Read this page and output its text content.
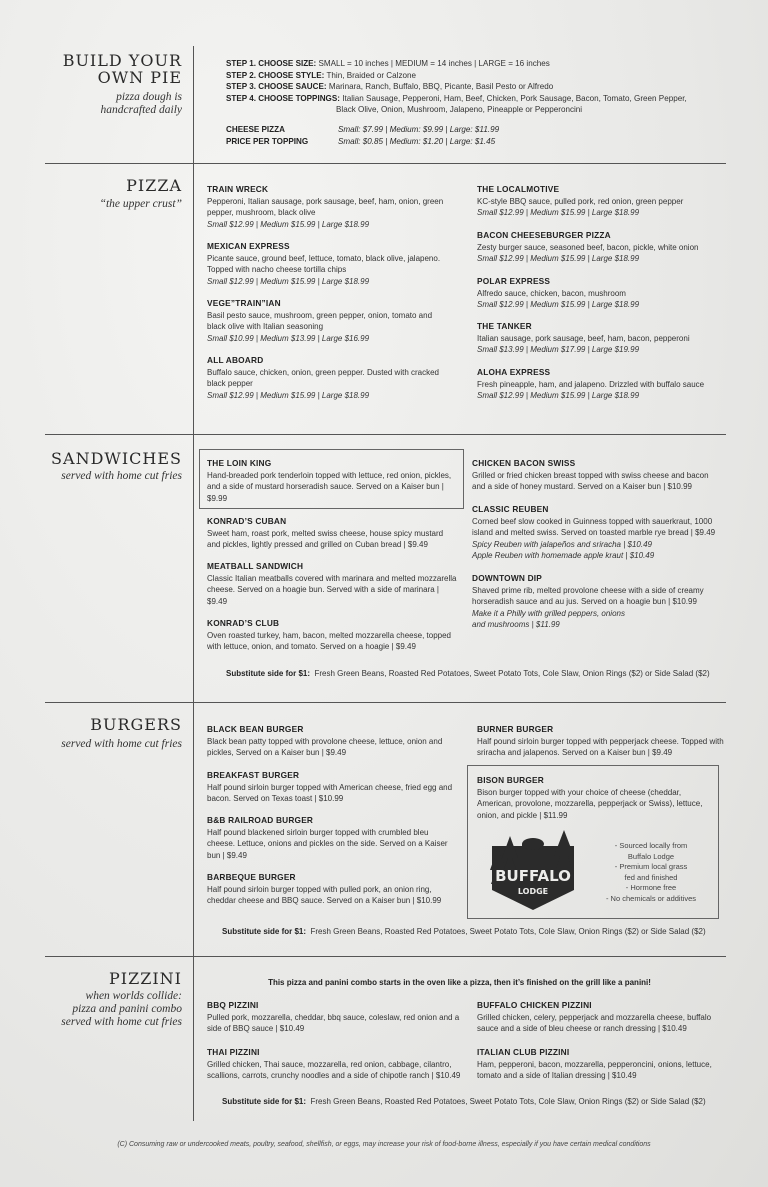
BUILD YOUR
OWN PIE
pizza dough is
handcrafted daily
STEP 1. CHOOSE SIZE: SMALL = 10 inches | MEDIUM = 14 inches | LARGE = 16 inches
STEP 2. CHOOSE STYLE: Thin, Braided or Calzone
STEP 3. CHOOSE SAUCE: Marinara, Ranch, Buffalo, BBQ, Picante, Basil Pesto or Alfredo
STEP 4. CHOOSE TOPPINGS: Italian Sausage, Pepperoni, Ham, Beef, Chicken, Pork Sausage, Bacon, Tomato, Green Pepper,
Black Olive, Onion, Mushroom, Jalapeno, Pineapple or Pepperoncini
CHEESE PIZZA	Small: $7.99 | Medium: $9.99 | Large: $11.99
PRICE PER TOPPING	Small: $0.85 | Medium: $1.20 | Large: $1.45
PIZZA
“the upper crust”
TRAIN WRECK
Pepperoni, Italian sausage, pork sausage, beef, ham, onion, green pepper, mushroom, black olive
Small $12.99 | Medium $15.99 | Large $18.99
MEXICAN EXPRESS
Picante sauce, ground beef, lettuce, tomato, black olive, jalapeno. Topped with nacho cheese tortilla chips
Small $12.99 | Medium $15.99 | Large $18.99
VEGE”TRAIN”IAN
Basil pesto sauce, mushroom, green pepper, onion, tomato and black olive with Italian seasoning
Small $10.99 | Medium $13.99 | Large $16.99
ALL ABOARD
Buffalo sauce, chicken, onion, green pepper. Dusted with cracked black pepper
Small $12.99 | Medium $15.99 | Large $18.99
THE LOCALMOTIVE
KC-style BBQ sauce, pulled pork, red onion, green pepper
Small $12.99 | Medium $15.99 | Large $18.99
BACON CHEESEBURGER PIZZA
Zesty burger sauce, seasoned beef, bacon, pickle, white onion
Small $12.99 | Medium $15.99 | Large $18.99
POLAR EXPRESS
Alfredo sauce, chicken, bacon, mushroom
Small $12.99 | Medium $15.99 | Large $18.99
THE TANKER
Italian sausage, pork sausage, beef, ham, bacon, pepperoni
Small $13.99 | Medium $17.99 | Large $19.99
ALOHA EXPRESS
Fresh pineapple, ham, and jalapeno. Drizzled with buffalo sauce
Small $12.99 | Medium $15.99 | Large $18.99
SANDWICHES
served with home cut fries
THE LOIN KING
Hand-breaded pork tenderloin topped with lettuce, red onion, pickles, and a side of mustard horseradish sauce. Served on a Kaiser bun | $9.99
KONRAD’S CUBAN
Sweet ham, roast pork, melted swiss cheese, house spicy mustard and pickles, lightly pressed and grilled on Cuban bread | $9.49
MEATBALL SANDWICH
Classic Italian meatballs covered with marinara and melted mozzarella cheese. Served on a hoagie bun. Served with a side of marinara | $9.49
KONRAD’S CLUB
Oven roasted turkey, ham, bacon, melted mozzarella cheese, topped with lettuce, onion, and tomato. Served on a hoagie | $9.49
CHICKEN BACON SWISS
Grilled or fried chicken breast topped with swiss cheese and bacon and a side of honey mustard. Served on a Kaiser bun | $10.99
CLASSIC REUBEN
Corned beef slow cooked in Guinness topped with sauerkraut, 1000 island and melted swiss. Served on toasted marble rye bread | $9.49
Spicy Reuben with jalapeños and sriracha | $10.49
Apple Reuben with homemade apple kraut | $10.49
DOWNTOWN DIP
Shaved prime rib, melted provolone cheese with a side of creamy horseradish sauce and au jus. Served on a hoagie bun | $10.99
Make it a Philly with grilled peppers, onions
and mushrooms | $11.99
Substitute side for $1: Fresh Green Beans, Roasted Red Potatoes, Sweet Potato Tots, Cole Slaw, Onion Rings ($2) or Side Salad ($2)
BURGERS
served with home cut fries
BLACK BEAN BURGER
Black bean patty topped with provolone cheese, lettuce, onion and pickles, Served on a Kaiser bun | $9.49
BREAKFAST BURGER
Half pound sirloin burger topped with American cheese, fried egg and bacon. Served on Texas toast | $10.99
B&B RAILROAD BURGER
Half pound blackened sirloin burger topped with crumbled bleu cheese. Lettuce, onions and pickles on the side. Served on a Kaiser bun | $9.49
BARBEQUE BURGER
Half pound sirloin burger topped with pulled pork, an onion ring, cheddar cheese and BBQ sauce. Served on a Kaiser bun | $10.99
BURNER BURGER
Half pound sirloin burger topped with pepperjack cheese. Topped with sriracha and jalapenos. Served on a Kaiser bun | $9.49
BISON BURGER
Bison burger topped with your choice of cheese (cheddar, American, provolone, mozzarella, pepperjack or Swiss), lettuce, onion, and pickle | $11.99
BUFFALO
LODGE
- Sourced locally from
Buffalo Lodge
- Premium local grass
fed and finished
- Hormone free
- No chemicals or additives
Substitute side for $1: Fresh Green Beans, Roasted Red Potatoes, Sweet Potato Tots, Cole Slaw, Onion Rings ($2) or Side Salad ($2)
PIZZINI
when worlds collide:
pizza and panini combo
served with home cut fries
This pizza and panini combo starts in the oven like a pizza, then it’s finished on the grill like a panini!
BBQ PIZZINI
Pulled pork, mozzarella, cheddar, bbq sauce, coleslaw, red onion and a side of BBQ sauce | $10.49
THAI PIZZINI
Grilled chicken, Thai sauce, mozzarella, red onion, cabbage, cilantro, scallions, carrots, crunchy noodles and a side of chipotle ranch | $10.49
BUFFALO CHICKEN PIZZINI
Grilled chicken, celery, pepperjack and mozzarella cheese, buffalo sauce and a side of bleu cheese or ranch dressing | $10.49
ITALIAN CLUB PIZZINI
Ham, pepperoni, bacon, mozzarella, pepperoncini, onions, lettuce, tomato and a side of Italian dressing | $10.49
Substitute side for $1: Fresh Green Beans, Roasted Red Potatoes, Sweet Potato Tots, Cole Slaw, Onion Rings ($2) or Side Salad ($2)
(C) Consuming raw or undercooked meats, poultry, seafood, shellfish, or eggs, may increase your risk of food-borne illness, especially if you have certain medical conditions
